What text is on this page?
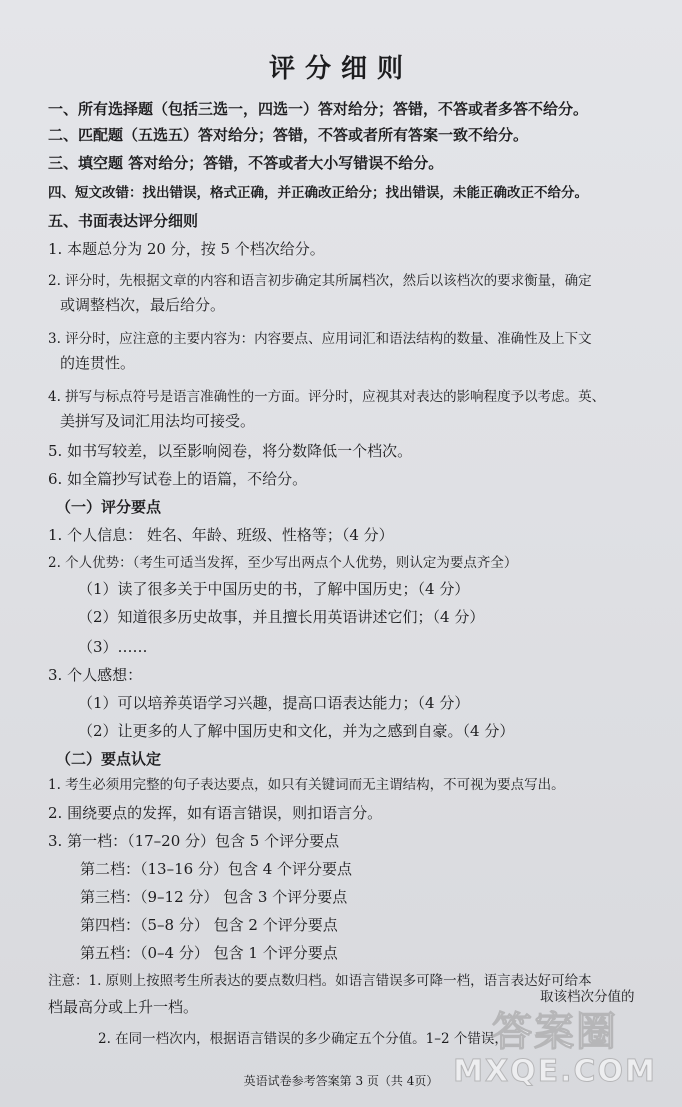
评分细则
一、所有选择题（包括三选一，四选一）答对给分；答错，不答或者多答不给分。
二、匹配题（五选五）答对给分；答错，不答或者所有答案一致不给分。
三、填空题 答对给分；答错，不答或者大小写错误不给分。
四、短文改错：找出错误，格式正确，并正确改正给分；找出错误，未能正确改正不给分。
五、书面表达评分细则
1. 本题总分为 20 分，按 5 个档次给分。
2. 评分时，先根据文章的内容和语言初步确定其所属档次，然后以该档次的要求衡量，确定
或调整档次，最后给分。
3. 评分时，应注意的主要内容为：内容要点、应用词汇和语法结构的数量、准确性及上下文
的连贯性。
4. 拼写与标点符号是语言准确性的一方面。评分时，应视其对表达的影响程度予以考虑。英、
美拼写及词汇用法均可接受。
5. 如书写较差，以至影响阅卷，将分数降低一个档次。
6. 如全篇抄写试卷上的语篇，不给分。
（一）评分要点
1. 个人信息： 姓名、年龄、班级、性格等；（4 分）
2. 个人优势：（考生可适当发挥，至少写出两点个人优势，则认定为要点齐全）
（1）读了很多关于中国历史的书，了解中国历史；（4 分）
（2）知道很多历史故事，并且擅长用英语讲述它们；（4 分）
（3）……
3. 个人感想：
（1）可以培养英语学习兴趣，提高口语表达能力；（4 分）
（2）让更多的人了解中国历史和文化，并为之感到自豪。（4 分）
（二）要点认定
1. 考生必须用完整的句子表达要点，如只有关键词而无主谓结构，不可视为要点写出。
2. 围绕要点的发挥，如有语言错误，则扣语言分。
3. 第一档：（17–20 分）包含 5 个评分要点
第二档：（13–16 分）包含 4 个评分要点
第三档：（9–12 分） 包含 3 个评分要点
第四档：（5–8 分） 包含 2 个评分要点
第五档：（0–4 分） 包含 1 个评分要点
注意：1. 原则上按照考生所表达的要点数归档。如语言错误多可降一档，语言表达好可给本
档最高分或上升一档。
取该档次分值的
2. 在同一档次内，根据语言错误的多少确定五个分值。1–2 个错误，
英语试卷参考答案第 3 页（共 4页）
答案圈
MXQE.COM
